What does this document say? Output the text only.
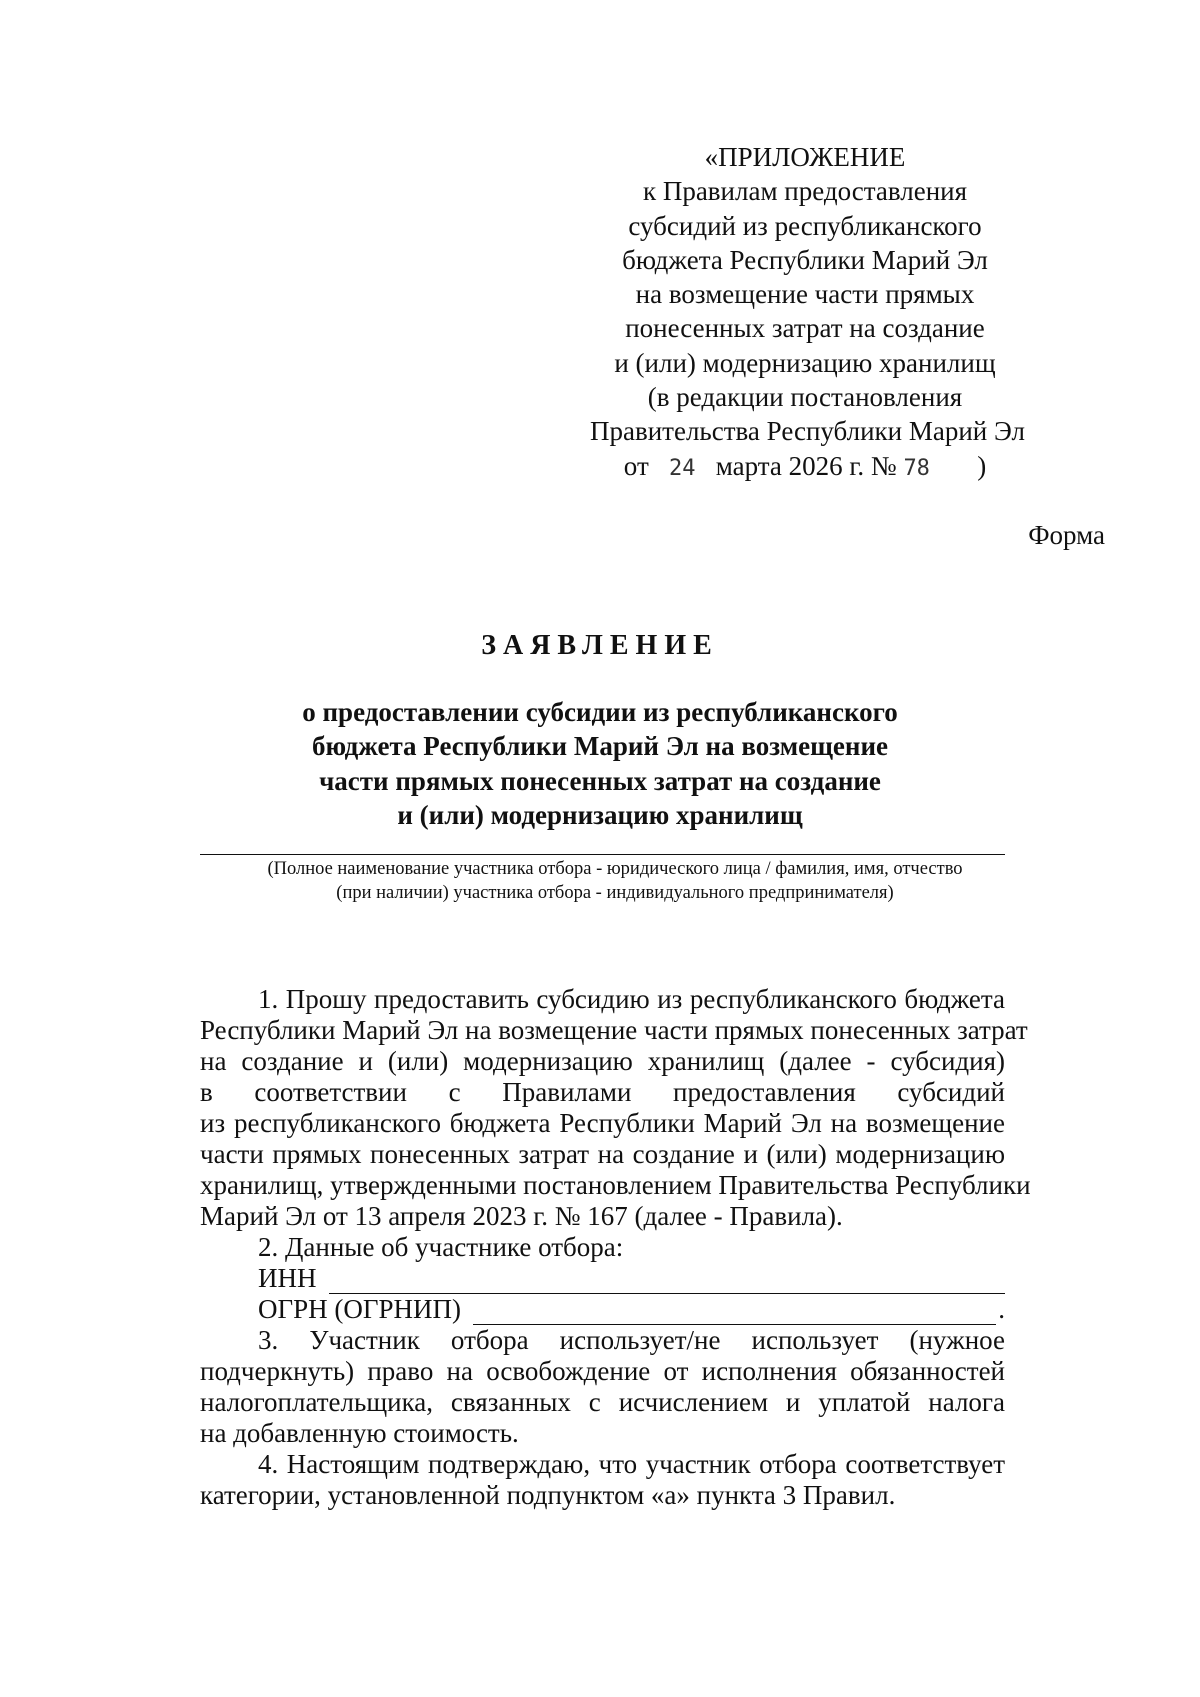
«ПРИЛОЖЕНИЕ
к Правилам предоставления
субсидий из республиканского
бюджета Республики Марий Эл
на возмещение части прямых
понесенных затрат на создание
и (или) модернизацию хранилищ
(в редакции постановления
Правительства Республики Марий Эл
от 24 марта 2026 г. № 78 )
Форма
ЗАЯВЛЕНИЕ
о предоставлении субсидии из республиканского
бюджета Республики Марий Эл на возмещение
части прямых понесенных затрат на создание
и (или) модернизацию хранилищ
(Полное наименование участника отбора - юридического лица / фамилия, имя, отчество
(при наличии) участника отбора - индивидуального предпринимателя)
1. Прошу предоставить субсидию из республиканского бюджета
Республики Марий Эл на возмещение части прямых понесенных затрат
на создание и (или) модернизацию хранилищ (далее - субсидия)
в соответствии с Правилами предоставления субсидий
из республиканского бюджета Республики Марий Эл на возмещение
части прямых понесенных затрат на создание и (или) модернизацию
хранилищ, утвержденными постановлением Правительства Республики
Марий Эл от 13 апреля 2023 г. № 167 (далее - Правила).
2. Данные об участнике отбора:
ИНН
ОГРН (ОГРНИП)	.
3. Участник отбора использует/не использует (нужное
подчеркнуть) право на освобождение от исполнения обязанностей
налогоплательщика, связанных с исчислением и уплатой налога
на добавленную стоимость.
4. Настоящим подтверждаю, что участник отбора соответствует
категории, установленной подпунктом «а» пункта 3 Правил.
